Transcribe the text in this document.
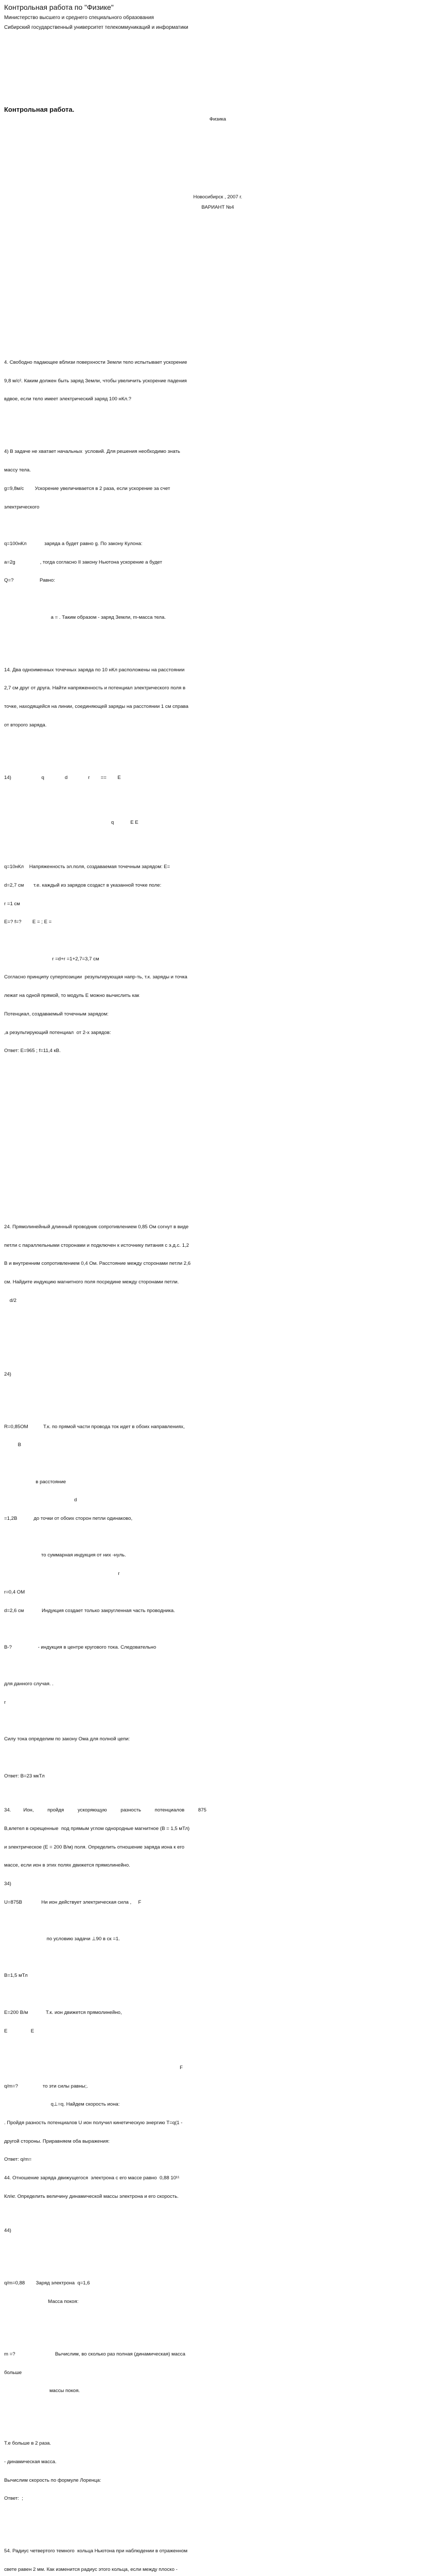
Контрольная работа по "Физике"
Министерство высшего и среднего специального образования
Сибирский государственный университет телекоммуникаций и информатики
Контрольная работа.
Физика
Новосибирск , 2007 г.
ВАРИАНТ №4
4. Свободно падающее вблизи поверхности Земли тело испытывает ускорение
9,8 м/с². Каким должен быть заряд Земли, чтобы увеличить ускорение падения
вдвое, если тело имеет электрический заряд 100 нКл.?
4) В задаче не хватает начальных  условий. Для решения необходимо знать
массу тела.
g=9,8м/с        Ускорение увеличивается в 2 раза, если ускорение за счет
электрического
q=100нКл             заряда а будет равно g. По закону Кулона:
а=2g                  , тогда согласно II закону Ньютона ускорение а будет
Q=?                   Равно:
а = . Таким образом - заряд Земли, m-масса тела.
14. Два одноименных точечных заряда по 10 нКл расположены на расстоянии
2,7 см друг от друга. Найти напряженность и потенциал электрического поля в
точке, находящейся на линии, соединяющей заряды на расстоянии 1 см справа
от второго заряда.
14)                      q               d               r        ==        E
q            E E
q=10нКл    Напряженность эл.поля, создаваемая точечным зарядом: E=
d=2,7 см       т.е. каждый из зарядов создаст в указанной точке поле:
r =1 см
E=? f=?        E = ; E =
r =d+r =1+2,7=3,7 см
Согласно принципу суперпозиции  результирующая напр-ть, т.к. заряды и точка
лежат на одной прямой, то модуль E можно вычислить как
Потенциал, создаваемый точечным зарядом:
,а результирующий потенциал  от 2-х зарядов:
Ответ: E=965 ; f=11,4 кВ.
24. Прямолинейный длинный проводник сопротивлением 0,85 Ом согнут в виде
петли с параллельными сторонами и подключен к источнику питания с э.д.с. 1,2
В и внутренним сопротивлением 0,4 Ом. Расстояние между сторонами петли 2,6
см. Найдите индукцию магнитного поля посредине между сторонами петли.
d/2
24)
R=0,85ОМ           Т.к. по прямой части провода ток идет в обоих направлениях,
B
в расстояние
d
=1,2В            до точки от обоих сторон петли одинаково,
то суммарная индукция от них -нуль.
r
r=0,4 ОМ
d=2,6 см             Индукция создает только закругленная часть проводника.
B-?                   - индукция в центре кругового тока. Следовательно
для данного случая. .
r
Силу тока определим по закону Ома для полной цепи:
Ответ: B=23 мкТл
34.         Ион,          пройдя          ускоряющую          разность          потенциалов          875
В,влетел в скрещенные  под прямым углом однородные магнитное (В = 1,5 мТл)
и электрическое (E = 200 В/м) поля. Определить отношение заряда иона к его
массе, если ион в этих полях движется прямолинейно.
34)
U=875В              Ни ион действует электрическая сила ,     F
по условию задачи ⊥90 в ск =1.
B=1,5 мТл
E=200 В/м             Т.к. ион движется прямолинейно,
E                 E
F
q/m=?                  то эти силы равны;.
q⊥=q. Найдем скорость иона:
. Пройдя разность потенциалов U ион получил кинетическую энергию T=q(1 -
другой стороны. Приравняем оба выражения:
Ответ: q/m=
44. Отношение заряда движущегося  электрона с его массе равно  0,88 10¹¹
Кл/кг. Определить величину динамической массы электрона и его скорость.
44)
q/m=0,88        Заряд электрона  q=1,6
Масса покоя:
m =?                             Вычислим, во сколько раз полная (динамическая) масса
больше
массы покоя.
Т.е больше в 2 раза.
- динамическая масса.
Вычислим скорость по формуле Лоренца:
Ответ:  ;
54. Радиус четвертого темного  кольца Ньютона при наблюдении в отраженном
свете равен 2 мм. Как изменится радиус этого кольца, если между плоско -
